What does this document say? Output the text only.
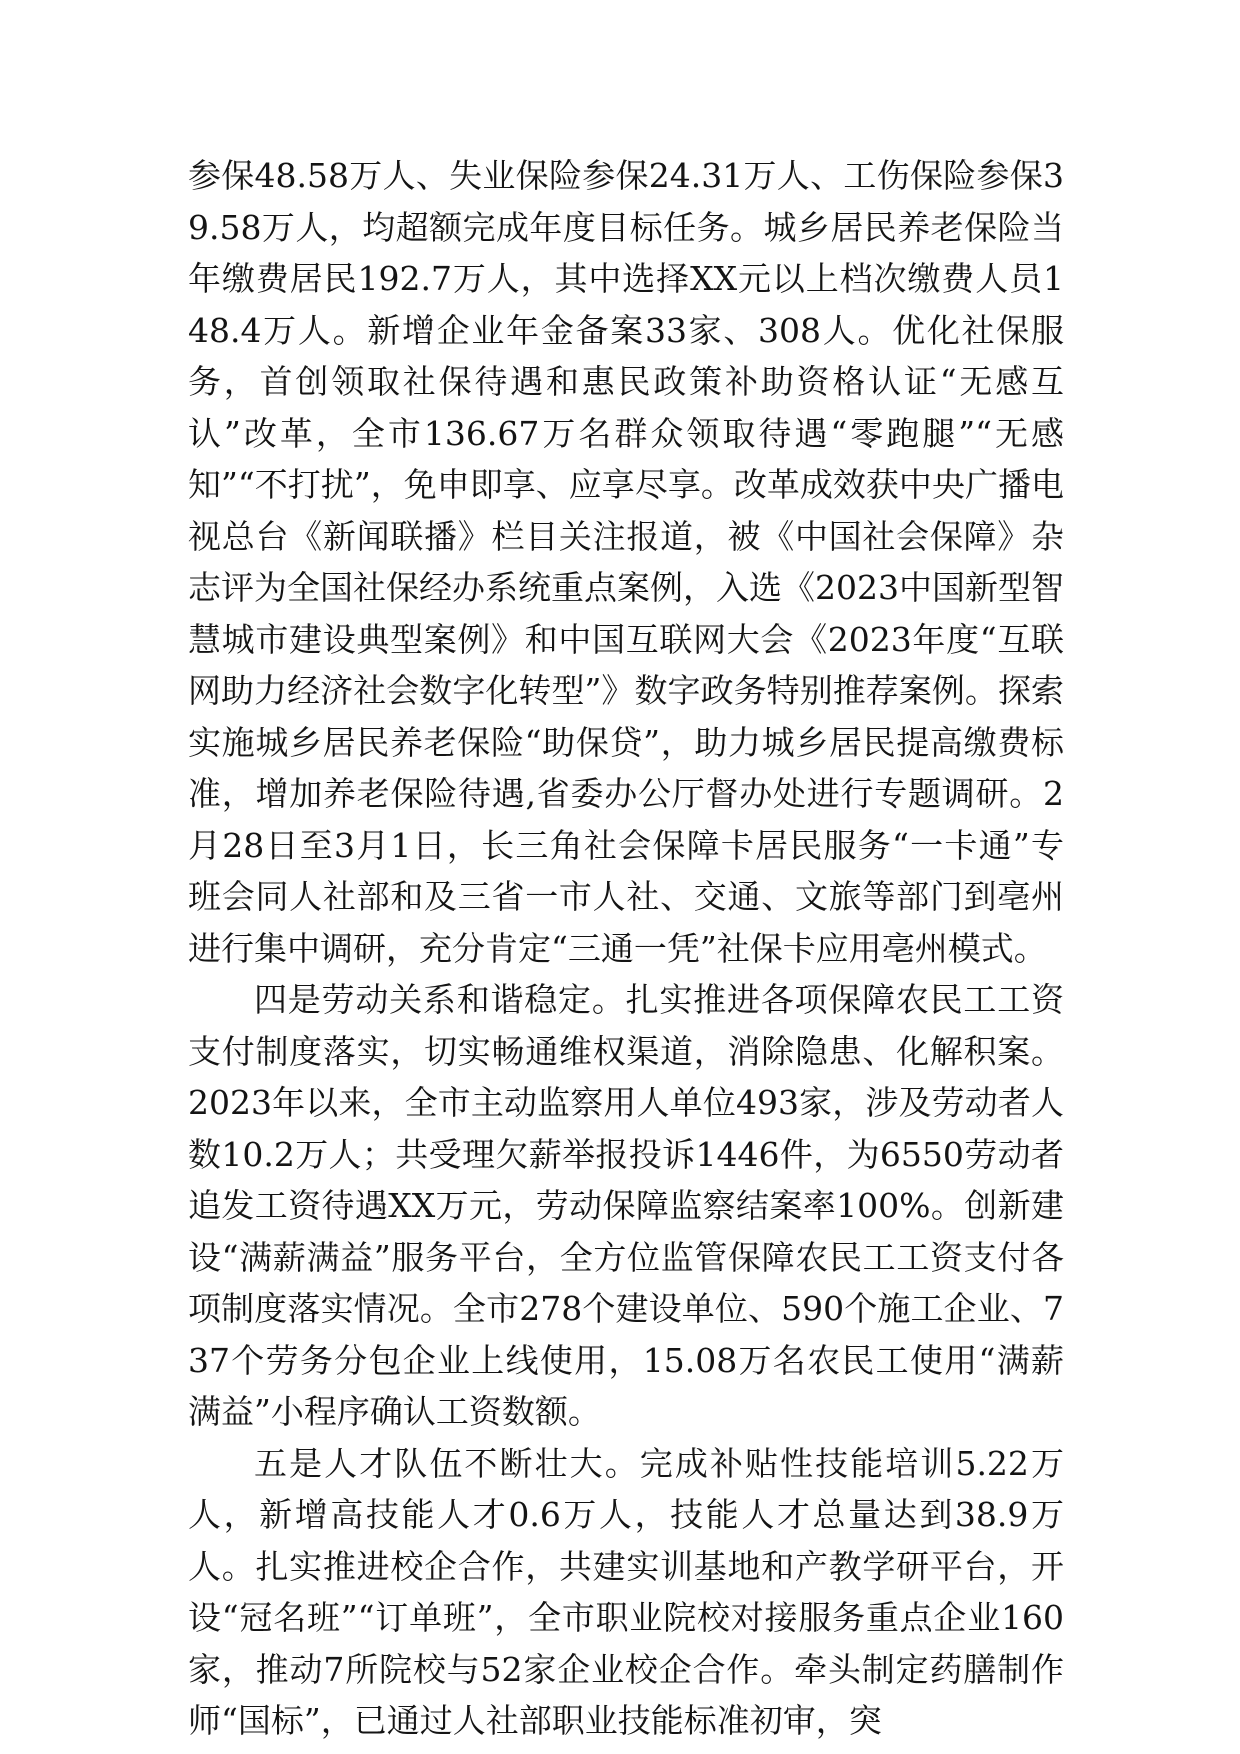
参保48.58万人、失业保险参保24.31万人、工伤保险参保39.58万人，均超额完成年度目标任务。城乡居民养老保险当年缴费居民192.7万人，其中选择XX元以上档次缴费人员148.4万人。新增企业年金备案33家、308人。优化社保服务，首创领取社保待遇和惠民政策补助资格认证“无感互认”改革，全市136.67万名群众领取待遇“零跑腿”“无感知”“不打扰”，免申即享、应享尽享。改革成效获中央广播电视总台《新闻联播》栏目关注报道，被《中国社会保障》杂志评为全国社保经办系统重点案例，入选《2023中国新型智慧城市建设典型案例》和中国互联网大会《2023年度“互联网助力经济社会数字化转型”》数字政务特别推荐案例。探索实施城乡居民养老保险“助保贷”，助力城乡居民提高缴费标准，增加养老保险待遇,省委办公厅督办处进行专题调研。2月28日至3月1日，长三角社会保障卡居民服务“一卡通”专班会同人社部和及三省一市人社、交通、文旅等部门到亳州进行集中调研，充分肯定“三通一凭”社保卡应用亳州模式。

四是劳动关系和谐稳定。扎实推进各项保障农民工工资支付制度落实，切实畅通维权渠道，消除隐患、化解积案。2023年以来，全市主动监察用人单位493家，涉及劳动者人数10.2万人；共受理欠薪举报投诉1446件，为6550劳动者追发工资待遇XX万元，劳动保障监察结案率100%。创新建设“满薪满益”服务平台，全方位监管保障农民工工资支付各项制度落实情况。全市278个建设单位、590个施工企业、737个劳务分包企业上线使用，15.08万名农民工使用“满薪满益”小程序确认工资数额。

五是人才队伍不断壮大。完成补贴性技能培训5.22万人，新增高技能人才0.6万人，技能人才总量达到38.9万人。扎实推进校企合作，共建实训基地和产教学研平台，开设“冠名班”“订单班”，全市职业院校对接服务重点企业160家，推动7所院校与52家企业校企合作。牵头制定药膳制作师“国标”，已通过人社部职业技能标准初审，突
